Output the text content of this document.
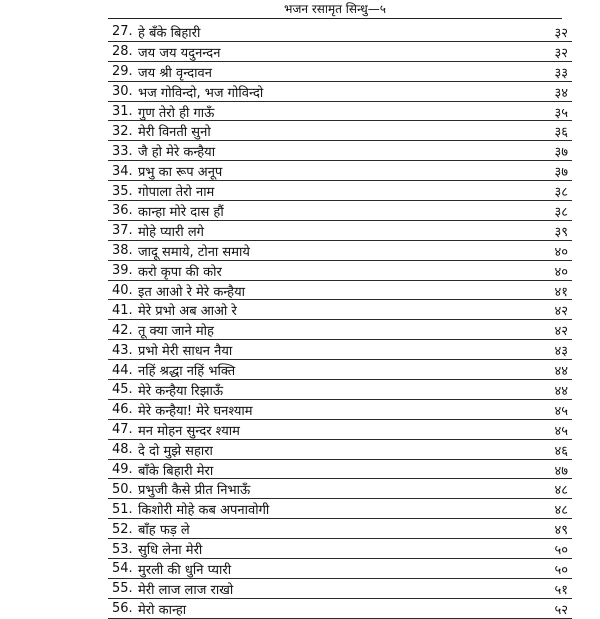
भजन रसामृत सिन्धु—५
27. हे बँके बिहारी	३२
28. जय जय यदुनन्दन	३२
29. जय श्री वृन्दावन	३३
30. भज गोविन्दो, भज गोविन्दो	३४
31. गुण तेरो ही गाऊँ	३५
32. मेरी विनती सुनो	३६
33. जै हो मेरे कन्हैया	३७
34. प्रभु का रूप अनूप	३७
35. गोपाला तेरो नाम	३८
36. कान्हा मोरे दास हौं	३८
37. मोहे प्यारी लगे	३९
38. जादू समाये, टोना समाये	४०
39. करो कृपा की कोर	४०
40. इत आओ रे मेरे कन्हैया	४१
41. मेरे प्रभो अब आओ रे	४२
42. तू क्या जाने मोह	४२
43. प्रभो मेरी साधन नैया	४३
44. नहिं श्रद्धा नहिं भक्ति	४४
45. मेरे कन्हैया रिझाऊँ	४४
46. मेरे कन्हैया! मेरे घनश्याम	४५
47. मन मोहन सुन्दर श्याम	४५
48. दे दो मुझे सहारा	४६
49. बाँके बिहारी मेरा	४७
50. प्रभुजी कैसे प्रीत निभाऊँ	४८
51. किशोरी मोहे कब अपनावोगी	४८
52. बाँह फड़ ले	४९
53. सुधि लेना मेरी	५०
54. मुरली की धुनि प्यारी	५०
55. मेरी लाज लाज राखो	५१
56. मेरो कान्हा	५२
